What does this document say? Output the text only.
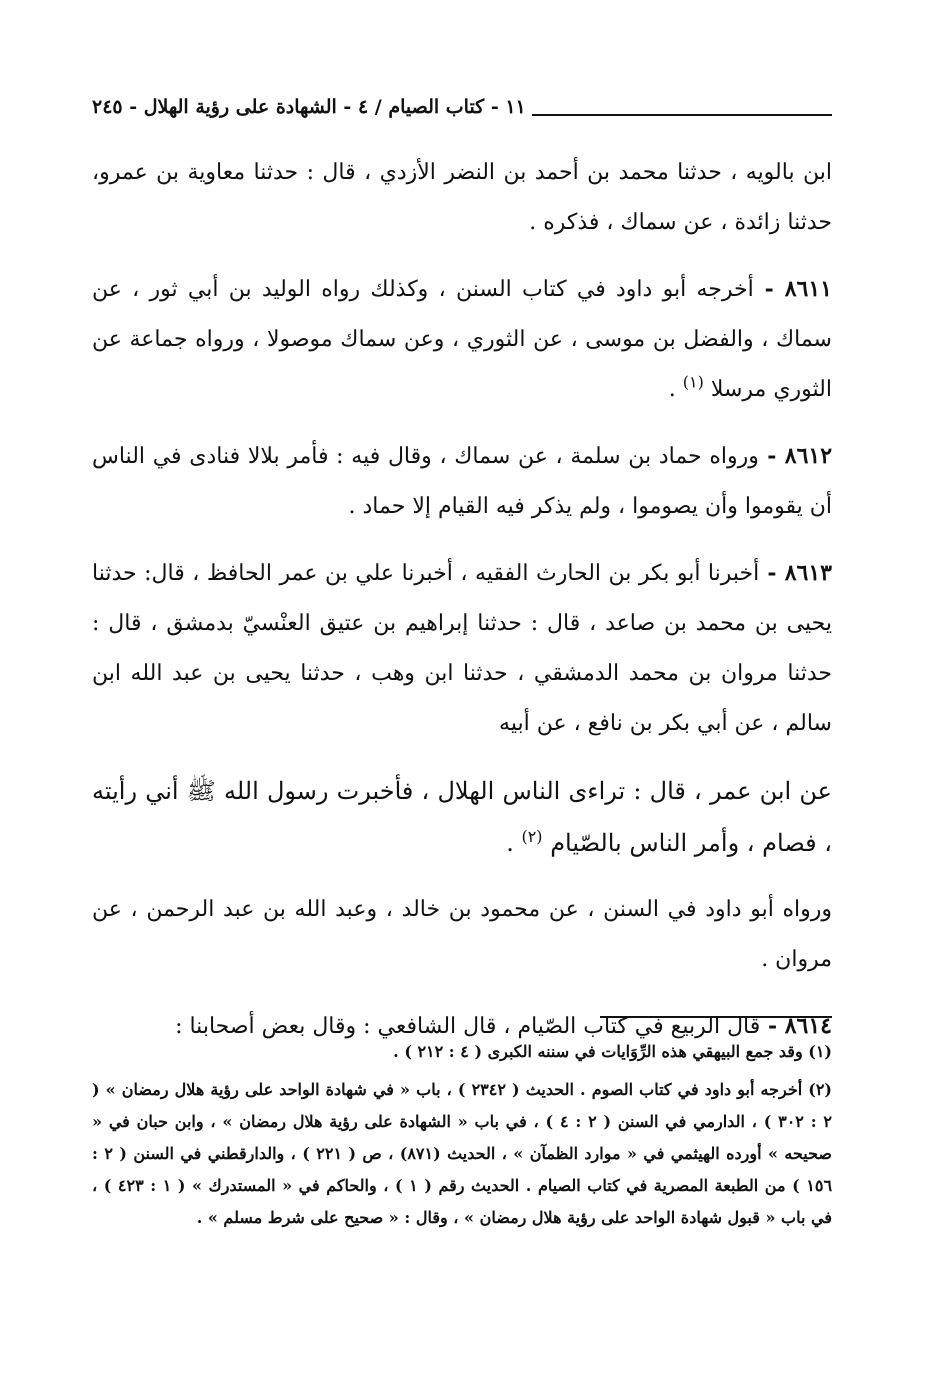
١١ - كتاب الصيام / ٤ - الشهادة على رؤية الهلال - ٢٤٥

ابن بالويه ، حدثنا محمد بن أحمد بن النضر الأزدي ، قال : حدثنا معاوية بن عمرو، حدثنا زائدة ، عن سماك ، فذكره .

٨٦١١ - أخرجه أبو داود في كتاب السنن ، وكذلك رواه الوليد بن أبي ثور ، عن سماك ، والفضل بن موسى ، عن الثوري ، وعن سماك موصولا ، ورواه جماعة عن الثوري مرسلا $^{(١)}$ .

٨٦١٢ - ورواه حماد بن سلمة ، عن سماك ، وقال فيه : فأمر بلالا فنادى في الناس أن يقوموا وأن يصوموا ، ولم يذكر فيه القيام إلا حماد .

٨٦١٣ - أخبرنا أبو بكر بن الحارث الفقيه ، أخبرنا علي بن عمر الحافظ ، قال: حدثنا يحيى بن محمد بن صاعد ، قال : حدثنا إبراهيم بن عتيق العنْسيّ بدمشق ، قال : حدثنا مروان بن محمد الدمشقي ، حدثنا ابن وهب ، حدثنا يحيى بن عبد الله ابن سالم ، عن أبي بكر بن نافع ، عن أبيه

عن ابن عمر ، قال : تراءى الناس الهلال ، فأخبرت رسول الله ﷺ أني رأيته ، فصام ، وأمر الناس بالصّيام $^{(٢)}$ .

ورواه أبو داود في السنن ، عن محمود بن خالد ، وعبد الله بن عبد الرحمن ، عن مروان .

٨٦١٤ - قال الربيع في كتاب الصّيام ، قال الشافعي : وقال بعض أصحابنا :

(١) وقد جمع البيهقي هذه الرِّوَايات في سننه الكبرى ( ٤ : ٢١٢ ) .

(٢) أخرجه أبو داود في كتاب الصوم . الحديث ( ٢٣٤٢ ) ، باب « في شهادة الواحد على رؤية هلال رمضان » ( ٢ : ٣٠٢ ) ، الدارمي في السنن ( ٢ : ٤ ) ، في باب « الشهادة على رؤية هلال رمضان » ، وابن حبان في « صحيحه » أورده الهيثمي في « موارد الظمآن » ، الحديث (٨٧١) ، ص ( ٢٢١ ) ، والدارقطني في السنن ( ٢ : ١٥٦ ) من الطبعة المصرية في كتاب الصيام . الحديث رقم ( ١ ) ، والحاكم في « المستدرك » ( ١ : ٤٢٣ ) ، في باب « قبول شهادة الواحد على رؤية هلال رمضان » ، وقال : « صحيح على شرط مسلم » .
